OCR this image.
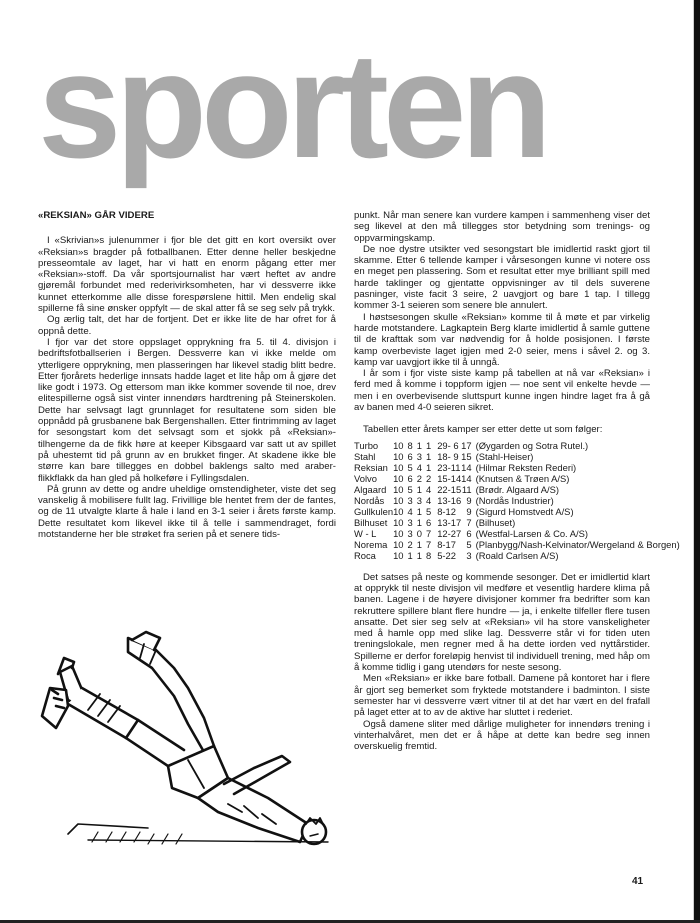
sporten
«REKSIAN» GÅR VIDERE

I «Skrivian»s julenummer i fjor ble det gitt en kort oversikt over «Reksian»s bragder på fotballbanen. Etter denne heller beskjedne presseomtale av laget, har vi hatt en enorm pågang etter mer «Reksian»-stoff. Da vår sportsjournalist har vært heftet av andre gjøremål forbundet med rederivirksomheten, har vi dessverre ikke kunnet etterkomme alle disse forespørslene hittil. Men endelig skal spillerne få sine ønsker oppfylt — de skal atter få se seg selv på trykk.

Og ærlig talt, det har de fortjent. Det er ikke lite de har ofret for å oppnå dette.

I fjor var det store oppslaget opprykning fra 5. til 4. divisjon i bedriftsfotballserien i Bergen. Dessverre kan vi ikke melde om ytterligere opprykning, men plasseringen har likevel stadig blitt bedre. Etter fjorårets hederlige innsats hadde laget et lite håp om å gjøre det like godt i 1973. Og ettersom man ikke kommer sovende til noe, drev elitespillerne også sist vinter innendørs hardtrening på Steinerskolen. Dette har selvsagt lagt grunnlaget for resultatene som siden ble oppnådd på grusbanene bak Bergenshallen. Etter fintrimming av laget for sesongstart kom det selvsagt som et sjokk på «Reksian»-tilhengerne da de fikk høre at keeper Kibsgaard var satt ut av spillet på uhestemt tid på grunn av en brukket finger. At skadene ikke ble større kan bare tillegges en dobbel baklengs salto med araber-flikkflakk da han gled på holkeføre i Fyllingsdalen.

På grunn av dette og andre uheldige omstendigheter, viste det seg vanskelig å mobilisere fullt lag. Frivillige ble hentet frem der de fantes, og de 11 utvalgte klarte å hale i land en 3-1 seier i årets første kamp. Dette resultatet kom likevel ikke til å telle i sammendraget, fordi motstanderne her ble strøket fra serien på et senere tids-

punkt. Når man senere kan vurdere kampen i sammenheng viser det seg likevel at den må tillegges stor betydning som trenings- og oppvarmingskamp.

De noe dystre utsikter ved sesongstart ble imidlertid raskt gjort til skamme. Etter 6 tellende kamper i vårsesongen kunne vi notere oss en meget pen plassering. Som et resultat etter mye brilliant spill med harde taklinger og gjentatte oppvisninger av til dels suverene pasninger, viste facit 3 seire, 2 uavgjort og bare 1 tap. I tillegg kommer 3-1 seieren som senere ble annulert.

I høstsesongen skulle «Reksian» komme til å møte et par virkelig harde motstandere. Lagkaptein Berg klarte imidlertid å samle guttene til de krafttak som var nødvendig for å holde posisjonen. I første kamp overbeviste laget igjen med 2-0 seier, mens i såvel 2. og 3. kamp var uavgjort ikke til å unngå.

I år som i fjor viste siste kamp på tabellen at nå var «Reksian» i ferd med å komme i toppform igjen — noe sent vil enkelte hevde — men i en overbevisende sluttspurt kunne ingen hindre laget fra å gå av banen med 4-0 seieren sikret.

Tabellen etter årets kamper ser etter dette ut som følger:

Turbo	10	8	1	1	29- 6	17	(Øygarden og Sotra Rutel.)
Stahl	10	6	3	1	18- 9	15	(Stahl-Heiser)
Reksian	10	5	4	1	23-11	14	(Hilmar Reksten Rederi)
Volvo	10	6	2	2	15-14	14	(Knutsen & Trøen A/S)
Algaard	10	5	1	4	22-15	11	(Brødr. Algaard A/S)
Nordås	10	3	3	4	13-16	9	(Nordås Industrier)
Gullkulen	10	4	1	5	8-12	9	(Sigurd Homstvedt A/S)
Bilhuset	10	3	1	6	13-17	7	(Bilhuset)
W - L	10	3	0	7	12-27	6	(Westfal-Larsen & Co. A/S)
Norema	10	2	1	7	8-17	5	(Planbygg/Nash-Kelvinator/Wergeland & Borgen)
Roca	10	1	1	8	5-22	3	(Roald Carlsen A/S)

Det satses på neste og kommende sesonger. Det er imidlertid klart at opprykk til neste divisjon vil medføre et vesentlig hardere klima på banen. Lagene i de høyere divisjoner kommer fra bedrifter som kan rekruttere spillere blant flere hundre — ja, i enkelte tilfeller flere tusen ansatte. Det sier seg selv at «Reksian» vil ha store vanskeligheter med å hamle opp med slike lag. Dessverre står vi for tiden uten treningslokale, men regner med å ha dette iorden ved nyttårstider. Spillerne er derfor foreløpig henvist til individuell trening, med håp om å komme tidlig i gang utendørs for neste sesong.

Men «Reksian» er ikke bare fotball. Damene på kontoret har i flere år gjort seg bemerket som fryktede motstandere i badminton. I siste semester har vi dessverre vært vitner til at det har vært en del frafall på laget etter at to av de aktive har sluttet i rederiet.

Også damene sliter med dårlige muligheter for innendørs trening i vinterhalvåret, men det er å håpe at dette kan bedre seg innen overskuelig fremtid.

41
